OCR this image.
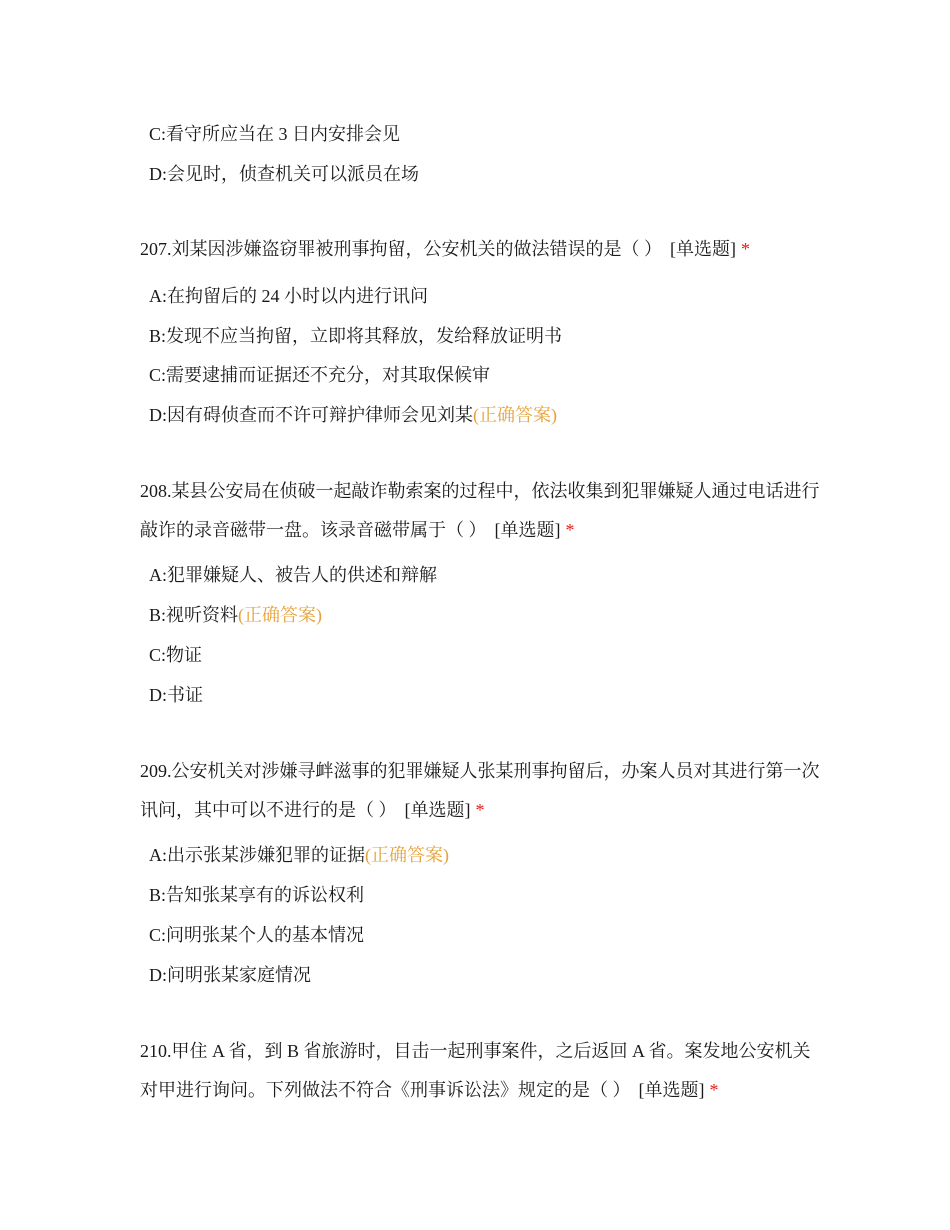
C:看守所应当在 3 日内安排会见
D:会见时，侦查机关可以派员在场
207.刘某因涉嫌盗窃罪被刑事拘留，公安机关的做法错误的是（ ） [单选题] *
A:在拘留后的 24 小时以内进行讯问
B:发现不应当拘留，立即将其释放，发给释放证明书
C:需要逮捕而证据还不充分，对其取保候审
D:因有碍侦查而不许可辩护律师会见刘某(正确答案)
208.某县公安局在侦破一起敲诈勒索案的过程中，依法收集到犯罪嫌疑人通过电话进行敲诈的录音磁带一盘。该录音磁带属于（ ） [单选题] *
A:犯罪嫌疑人、被告人的供述和辩解
B:视听资料(正确答案)
C:物证
D:书证
209.公安机关对涉嫌寻衅滋事的犯罪嫌疑人张某刑事拘留后，办案人员对其进行第一次讯问，其中可以不进行的是（ ） [单选题] *
A:出示张某涉嫌犯罪的证据(正确答案)
B:告知张某享有的诉讼权利
C:问明张某个人的基本情况
D:问明张某家庭情况
210.甲住 A 省，到 B 省旅游时，目击一起刑事案件，之后返回 A 省。案发地公安机关对甲进行询问。下列做法不符合《刑事诉讼法》规定的是（ ） [单选题] *
